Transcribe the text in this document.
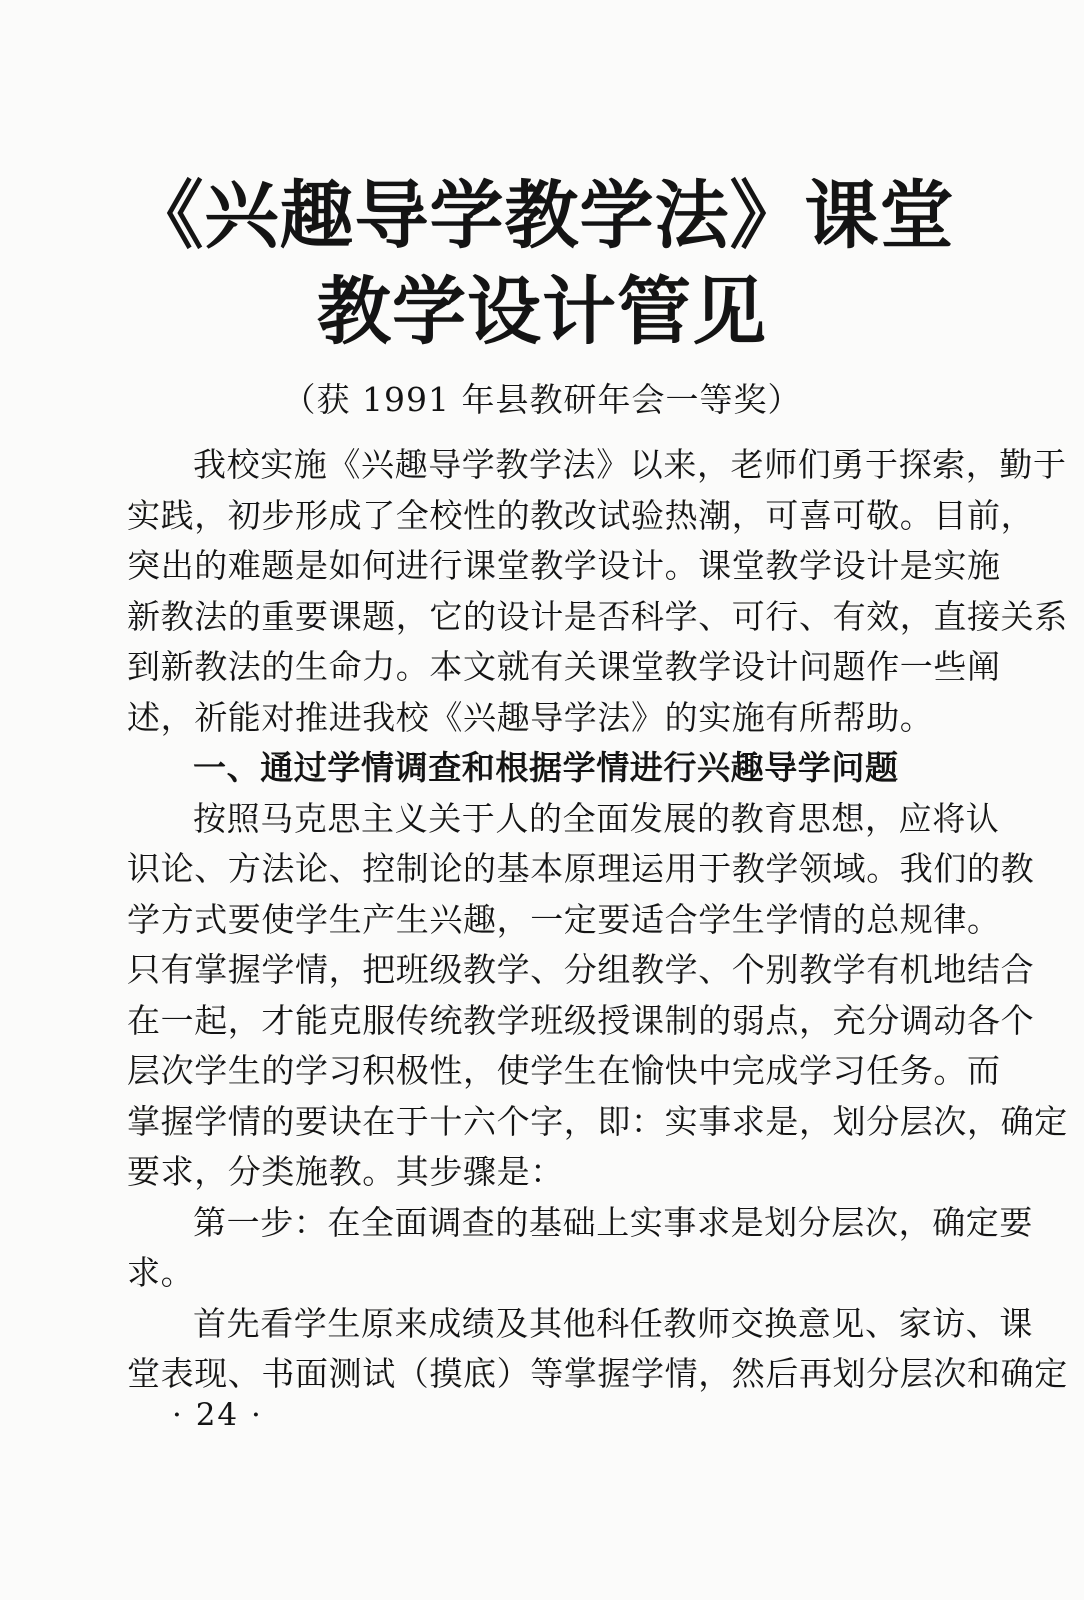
《兴趣导学教学法》课堂
教学设计管见
（获 1991 年县教研年会一等奖）
我校实施《兴趣导学教学法》以来，老师们勇于探索，勤于
实践，初步形成了全校性的教改试验热潮，可喜可敬。目前，
突出的难题是如何进行课堂教学设计。课堂教学设计是实施
新教法的重要课题，它的设计是否科学、可行、有效，直接关系
到新教法的生命力。本文就有关课堂教学设计问题作一些阐
述，祈能对推进我校《兴趣导学法》的实施有所帮助。
一、通过学情调查和根据学情进行兴趣导学问题
按照马克思主义关于人的全面发展的教育思想，应将认
识论、方法论、控制论的基本原理运用于教学领域。我们的教
学方式要使学生产生兴趣，一定要适合学生学情的总规律。
只有掌握学情，把班级教学、分组教学、个别教学有机地结合
在一起，才能克服传统教学班级授课制的弱点，充分调动各个
层次学生的学习积极性，使学生在愉快中完成学习任务。而
掌握学情的要诀在于十六个字，即：实事求是，划分层次，确定
要求，分类施教。其步骤是：
第一步：在全面调查的基础上实事求是划分层次，确定要
求。
首先看学生原来成绩及其他科任教师交换意见、家访、课
堂表现、书面测试（摸底）等掌握学情，然后再划分层次和确定
· 24 ·
